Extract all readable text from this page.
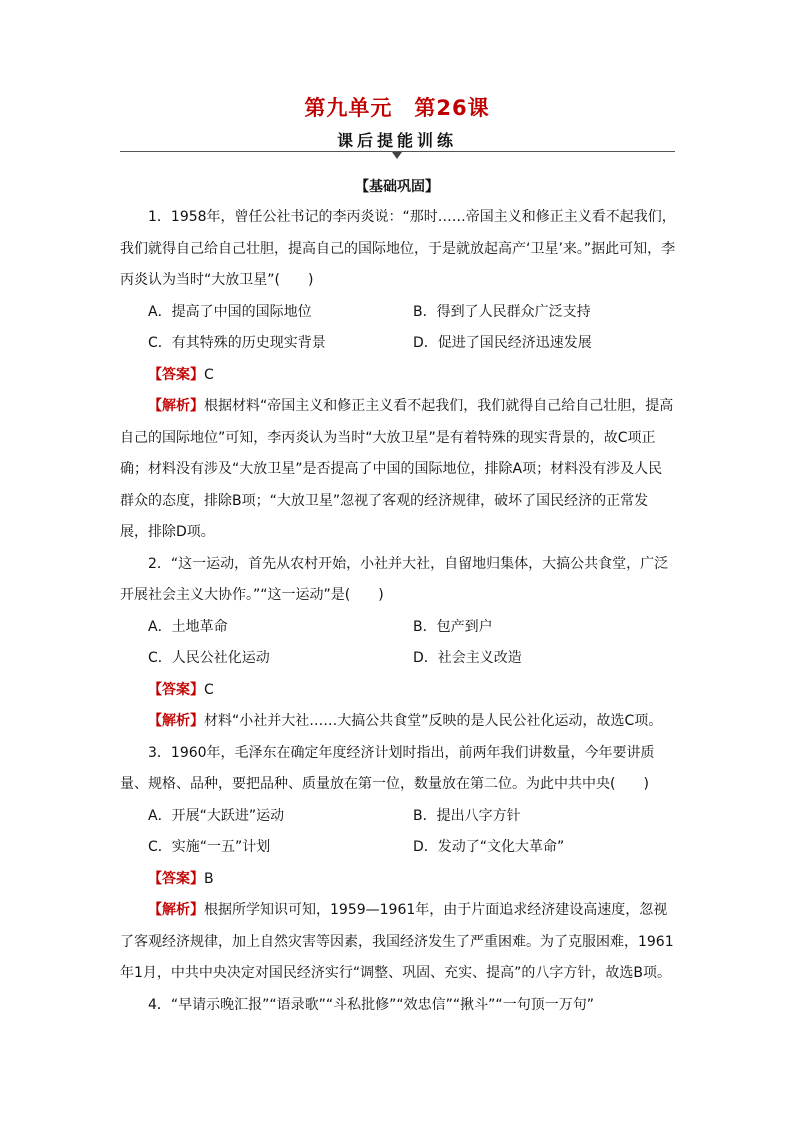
第九单元　第26课
课后提能训练
【基础巩固】

1．1958年，曾任公社书记的李丙炎说：“那时……帝国主义和修正主义看不起我们，我们就得自己给自己壮胆，提高自己的国际地位，于是就放起高产‘卫星’来。”据此可知，李丙炎认为当时“大放卫星”(　　)

A．提高了中国的国际地位	B．得到了人民群众广泛支持
C．有其特殊的历史现实背景	D．促进了国民经济迅速发展

【答案】C

【解析】根据材料“帝国主义和修正主义看不起我们，我们就得自己给自己壮胆，提高自己的国际地位”可知，李丙炎认为当时“大放卫星”是有着特殊的现实背景的，故C项正确；材料没有涉及“大放卫星”是否提高了中国的国际地位，排除A项；材料没有涉及人民群众的态度，排除B项；“大放卫星”忽视了客观的经济规律，破坏了国民经济的正常发展，排除D项。

2．“这一运动，首先从农村开始，小社并大社，自留地归集体，大搞公共食堂，广泛开展社会主义大协作。”“这一运动”是(　　)

A．土地革命	B．包产到户
C．人民公社化运动	D．社会主义改造

【答案】C

【解析】材料“小社并大社……大搞公共食堂”反映的是人民公社化运动，故选C项。

3．1960年，毛泽东在确定年度经济计划时指出，前两年我们讲数量，今年要讲质量、规格、品种，要把品种、质量放在第一位，数量放在第二位。为此中共中央(　　)

A．开展“大跃进”运动	B．提出八字方针
C．实施“一五”计划	D．发动了“文化大革命”

【答案】B

【解析】根据所学知识可知，1959—1961年，由于片面追求经济建设高速度，忽视了客观经济规律，加上自然灾害等因素，我国经济发生了严重困难。为了克服困难，1961年1月，中共中央决定对国民经济实行“调整、巩固、充实、提高”的八字方针，故选B项。

4．“早请示晚汇报”“语录歌”“斗私批修”“效忠信”“揪斗”“一句顶一万句”
